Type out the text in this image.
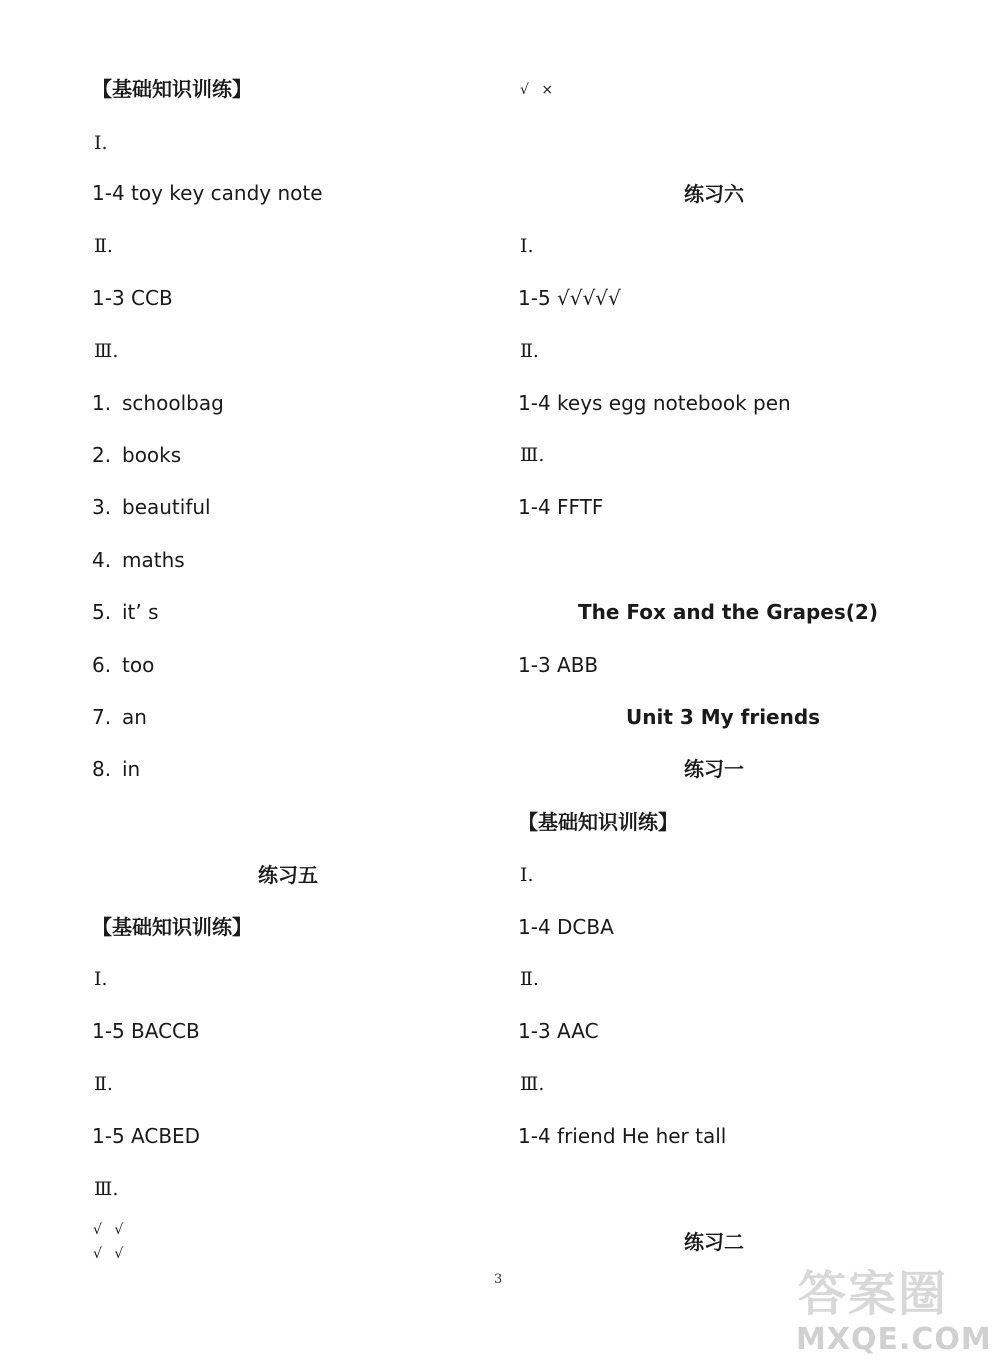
【基础知识训练】
Ⅰ.
1-4 toy key candy note
Ⅱ.
1-3 CCB
Ⅲ.
1. schoolbag
2. books
3. beautiful
4. maths
5. it’ s
6. too
7. an
8. in
练习五
【基础知识训练】
Ⅰ.
1-5 BACCB
Ⅱ.
1-5 ACBED
Ⅲ.
√ √
√ √
√ ×
练习六
Ⅰ.
1-5 √√√√√
Ⅱ.
1-4 keys egg notebook pen
Ⅲ.
1-4 FFTF
The Fox and the Grapes(2)
1-3 ABB
Unit 3 My friends
练习一
【基础知识训练】
Ⅰ.
1-4 DCBA
Ⅱ.
1-3 AAC
Ⅲ.
1-4 friend He her tall
练习二
3	答案圈
MXQE.COM
